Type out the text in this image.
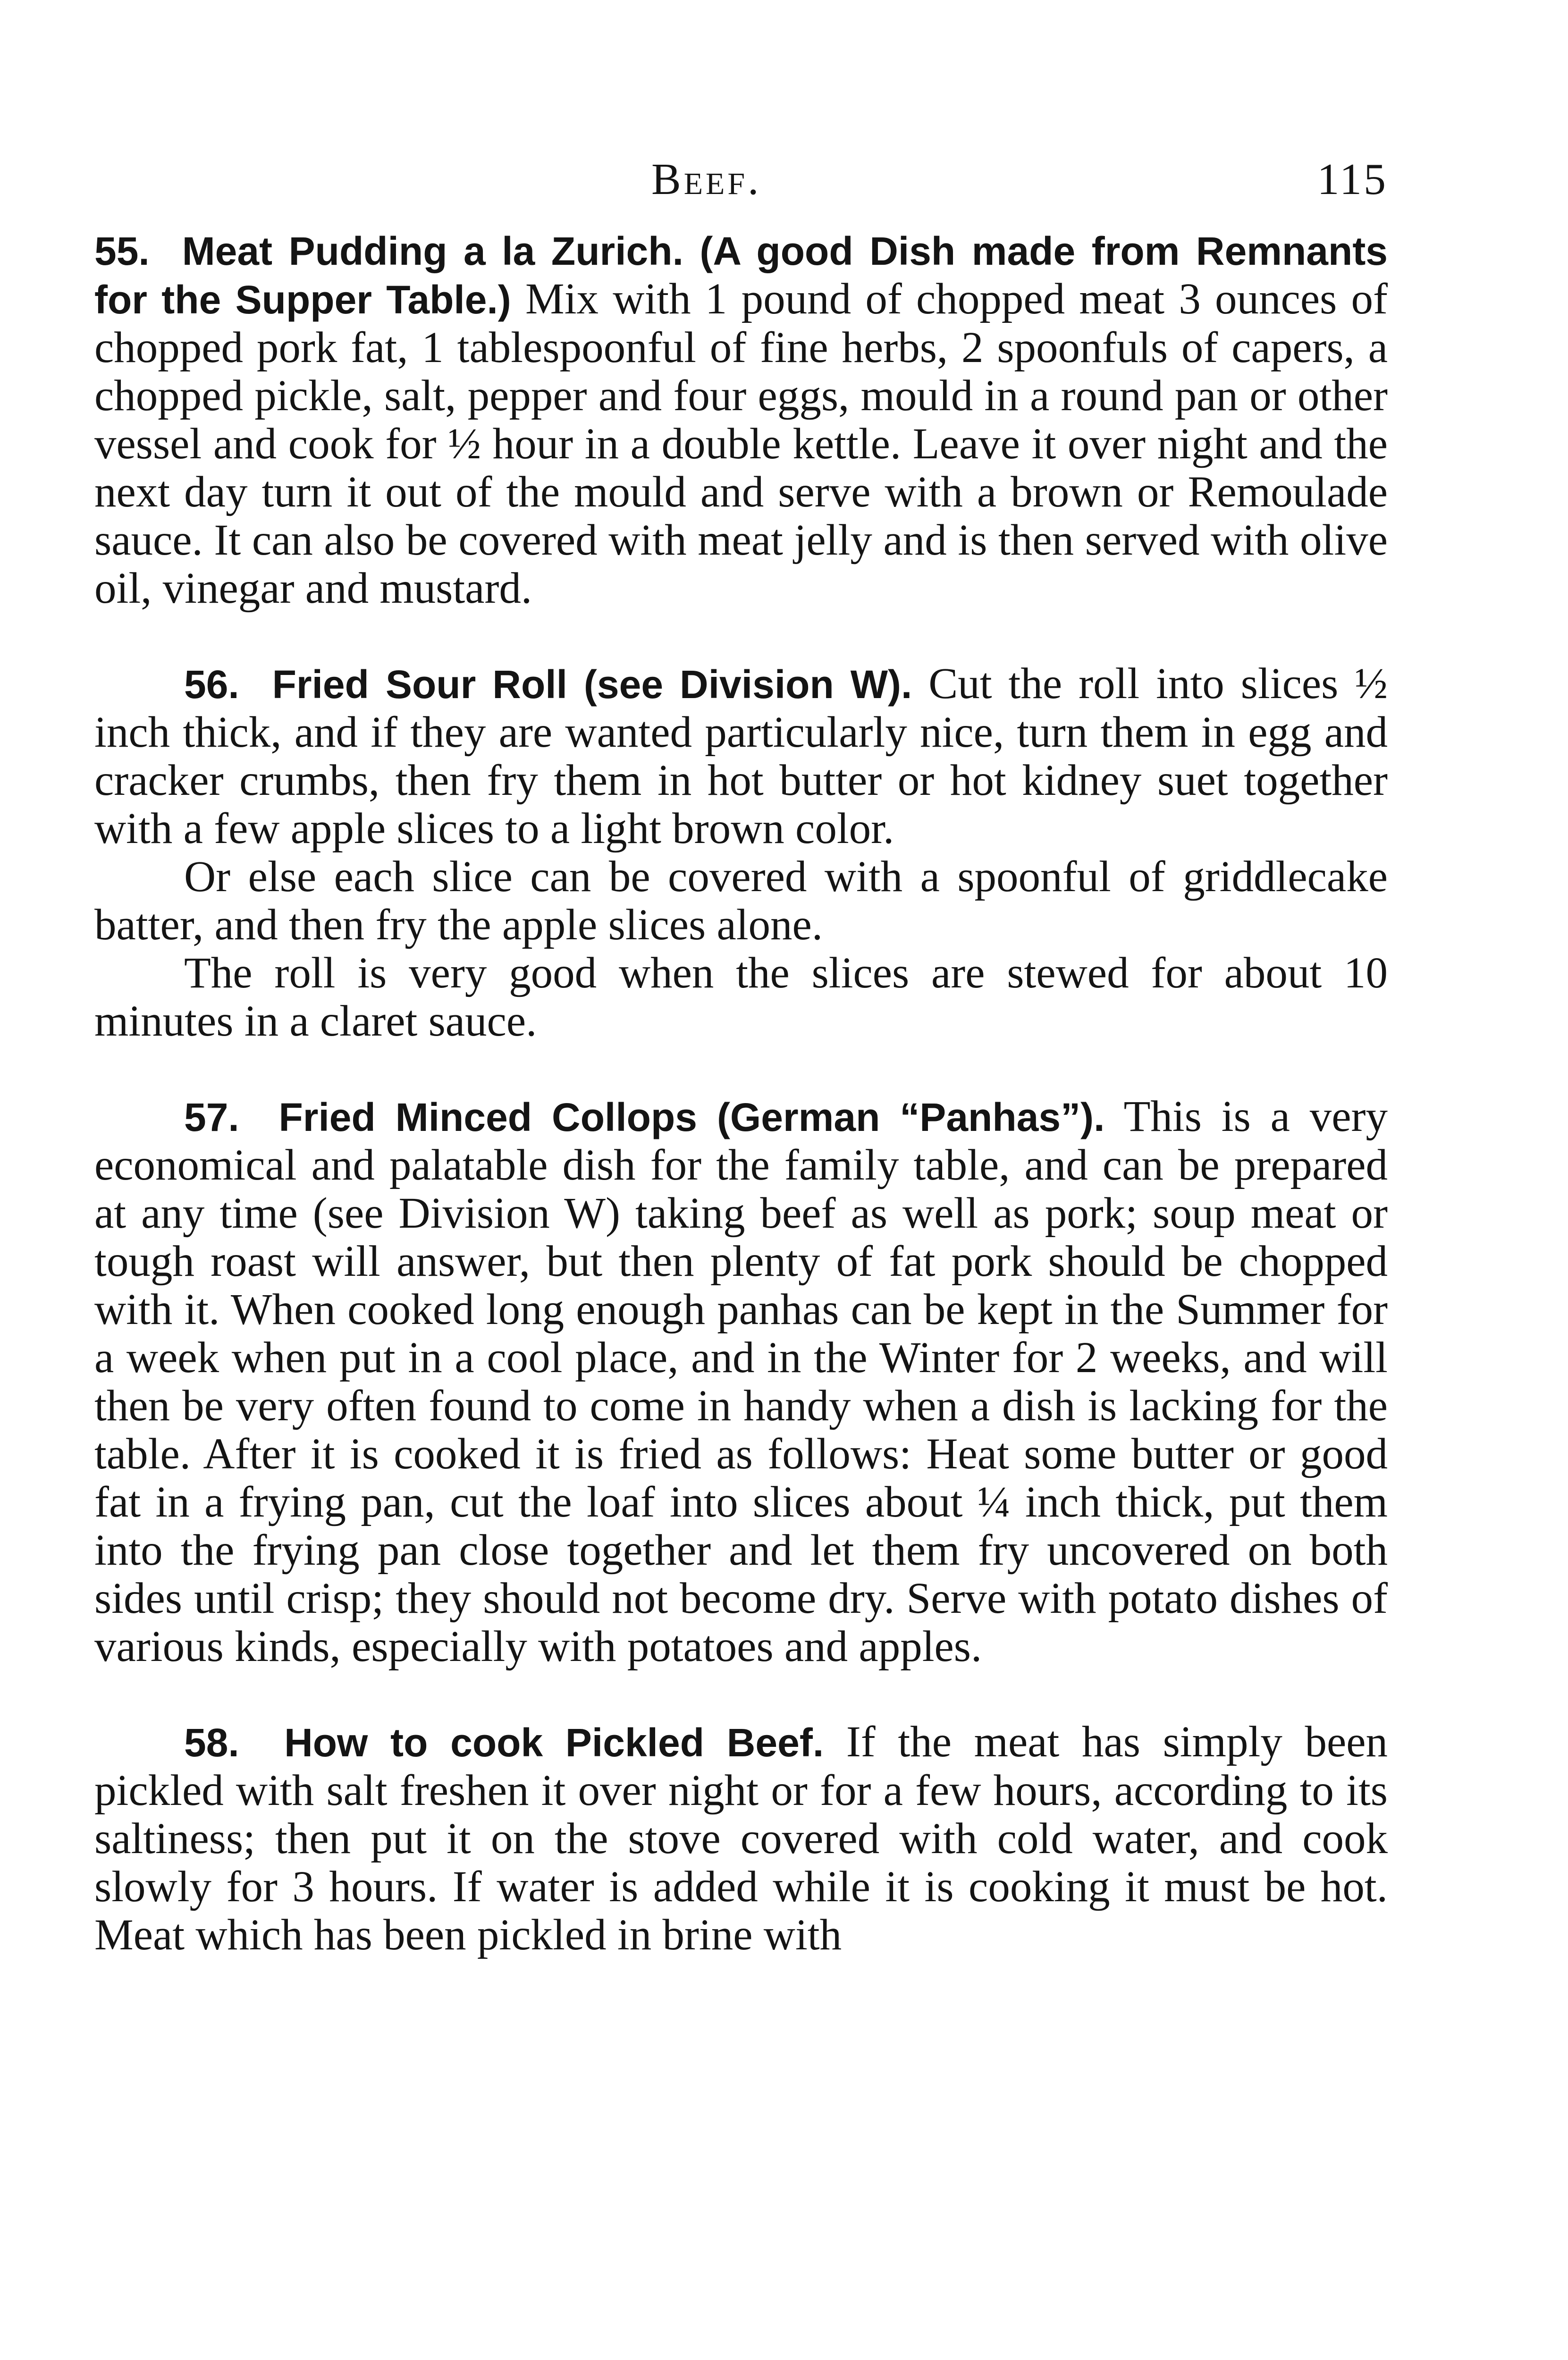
Beef.	115

55. Meat Pudding a la Zurich. (A good Dish made from Remnants for the Supper Table.) Mix with 1 pound of chopped meat 3 ounces of chopped pork fat, 1 tablespoonful of fine herbs, 2 spoonfuls of capers, a chopped pickle, salt, pepper and four eggs, mould in a round pan or other vessel and cook for ½ hour in a double kettle. Leave it over night and the next day turn it out of the mould and serve with a brown or Remoulade sauce. It can also be covered with meat jelly and is then served with olive oil, vinegar and mustard.

56. Fried Sour Roll (see Division W). Cut the roll into slices ½ inch thick, and if they are wanted particularly nice, turn them in egg and cracker crumbs, then fry them in hot butter or hot kidney suet together with a few apple slices to a light brown color.

Or else each slice can be covered with a spoonful of griddlecake batter, and then fry the apple slices alone.

The roll is very good when the slices are stewed for about 10 minutes in a claret sauce.

57. Fried Minced Collops (German “Panhas”). This is a very economical and palatable dish for the family table, and can be prepared at any time (see Division W) taking beef as well as pork; soup meat or tough roast will answer, but then plenty of fat pork should be chopped with it. When cooked long enough panhas can be kept in the Summer for a week when put in a cool place, and in the Winter for 2 weeks, and will then be very often found to come in handy when a dish is lacking for the table. After it is cooked it is fried as follows: Heat some butter or good fat in a frying pan, cut the loaf into slices about ¼ inch thick, put them into the frying pan close together and let them fry uncovered on both sides until crisp; they should not become dry. Serve with potato dishes of various kinds, especially with potatoes and apples.

58. How to cook Pickled Beef. If the meat has simply been pickled with salt freshen it over night or for a few hours, according to its saltiness; then put it on the stove covered with cold water, and cook slowly for 3 hours. If water is added while it is cooking it must be hot. Meat which has been pickled in brine with
